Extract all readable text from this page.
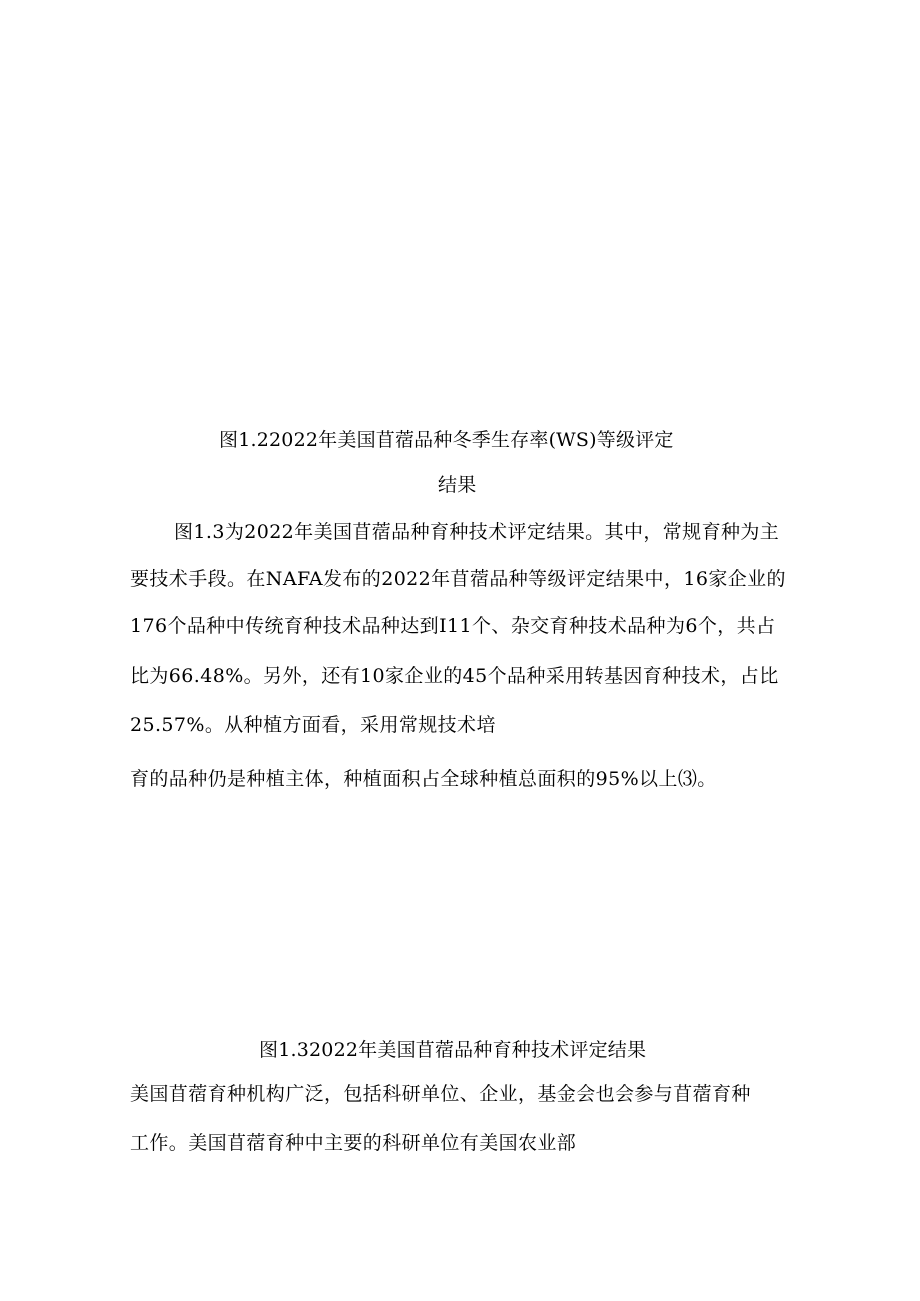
图1.22022年美国苜蓿品种冬季生存率(WS)等级评定
结果
图1.3为2022年美国苜蓿品种育种技术评定结果。其中，常规育种为主
要技术手段。在NAFA发布的2022年苜蓿品种等级评定结果中，16家企业的
176个品种中传统育种技术品种达到I11个、杂交育种技术品种为6个，共占
比为66.48%。另外，还有10家企业的45个品种采用转基因育种技术，占比
25.57%。从种植方面看，采用常规技术培
育的品种仍是种植主体，种植面积占全球种植总面积的95%以上⑶。
图1.32022年美国苜蓿品种育种技术评定结果
美国苜蓿育种机构广泛，包括科研单位、企业，基金会也会参与苜蓿育种
工作。美国苜蓿育种中主要的科研单位有美国农业部
